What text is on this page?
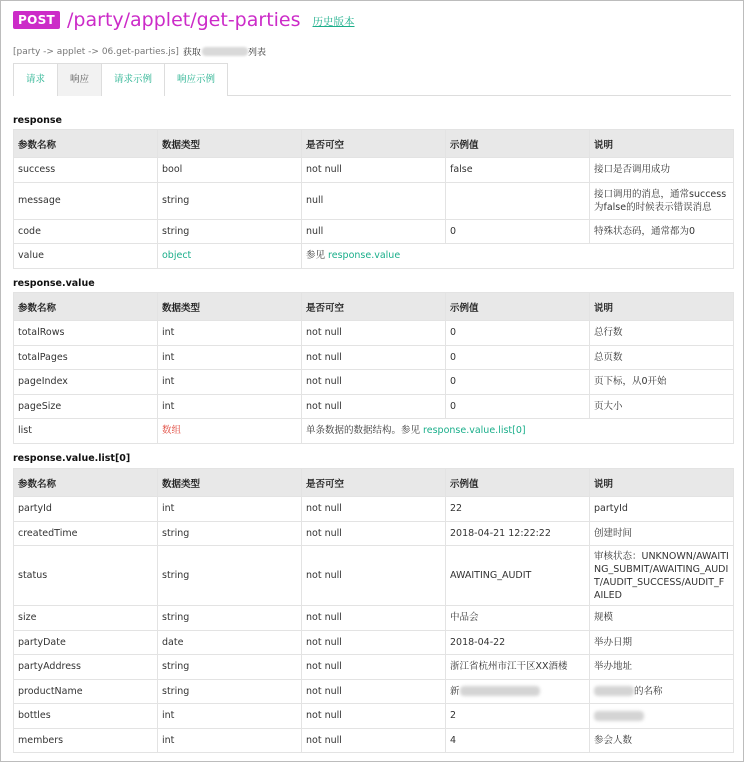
POST /party/applet/get-parties 历史版本
[party -> applet -> 06.get-parties.js] 获取	列表
请求	响应	请求示例	响应示例
response
参数名称	数据类型	是否可空	示例值	说明
success	bool	not null	false	接口是否调用成功
message	string	null		接口调用的消息，通常success为false的时候表示错误消息
code	string	null	0	特殊状态码，通常都为0
value	object	参见 response.value		
response.value
参数名称	数据类型	是否可空	示例值	说明
totalRows	int	not null	0	总行数
totalPages	int	not null	0	总页数
pageIndex	int	not null	0	页下标，从0开始
pageSize	int	not null	0	页大小
list	数组	单条数据的数据结构。参见 response.value.list[0]		
response.value.list[0]
参数名称	数据类型	是否可空	示例值	说明
partyId	int	not null	22	partyId
createdTime	string	not null	2018-04-21 12:22:22	创建时间
status	string	not null	AWAITING_AUDIT	审核状态：UNKNOWN/AWAITING_SUBMIT/AWAITING_AUDIT/AUDIT_SUCCESS/AUDIT_FAILED
size	string	not null	中品会	规模
partyDate	date	not null	2018-04-22	举办日期
partyAddress	string	not null	浙江省杭州市江干区XX酒楼	举办地址
productName	string	not null	新	的名称
bottles	int	not null	2	
members	int	not null	4	参会人数
